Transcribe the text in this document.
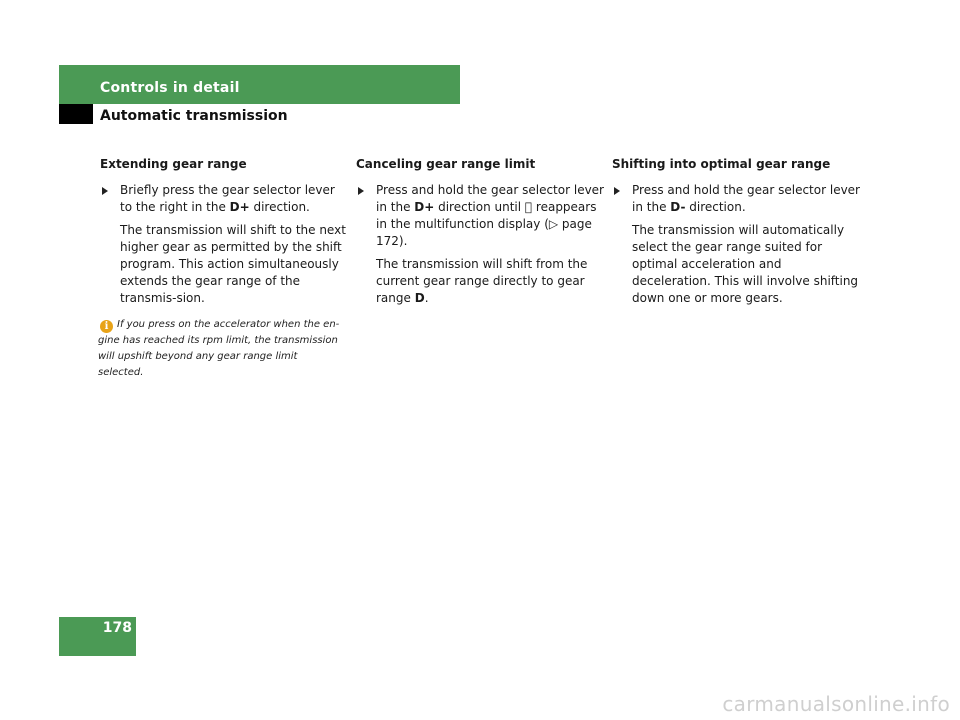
Controls in detail
Automatic transmission
Extending gear range

Briefly press the gear selector lever to the right in the D+ direction.

The transmission will shift to the next higher gear as permitted by the shift program. This action simultaneously extends the gear range of the transmis-sion.

i If you press on the accelerator when the en-
gine has reached its rpm limit, the transmission
will upshift beyond any gear range limit selected.
Canceling gear range limit

Press and hold the gear selector lever in the D+ direction until   reappears in the multifunction display (▷ page 172).

The transmission will shift from the current gear range directly to gear range D.

Shifting into optimal gear range

Press and hold the gear selector lever in the D- direction.

The transmission will automatically select the gear range suited for optimal acceleration and deceleration. This will involve shifting down one or more gears.

178
carmanualsonline.info
